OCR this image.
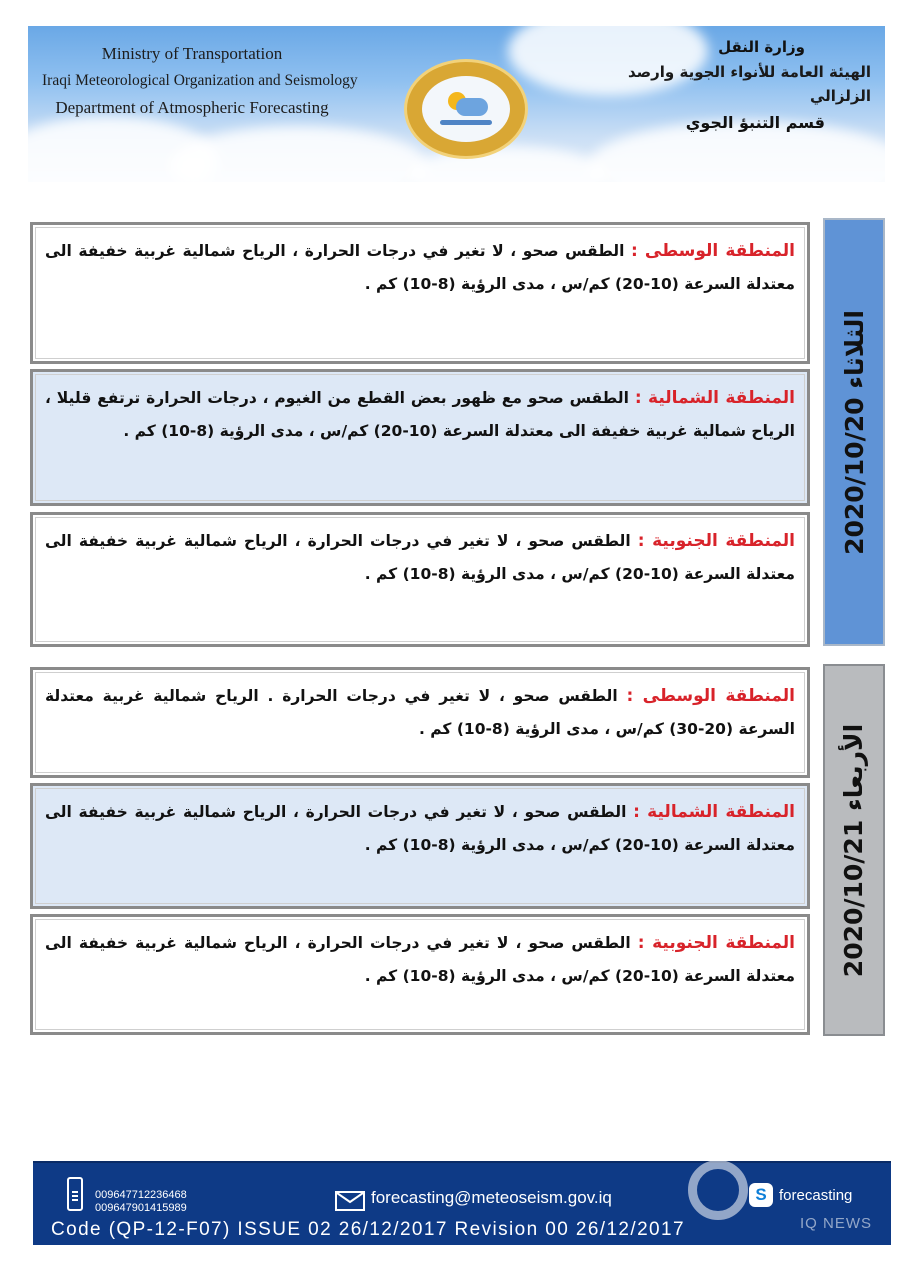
Ministry of Transportation
Iraqi Meteorological Organization and Seismology
Department of Atmospheric Forecasting
وزارة النقل
الهيئة العامة للأنواء الجوية وارصد الزلزالي
قسم التنبؤ الجوي

المنطقة الوسطى : الطقس صحو ، لا تغير في درجات الحرارة ، الرياح شمالية غربية خفيفة الى معتدلة السرعة (10-20) كم/س ، مدى الرؤية (8-10) كم .

المنطقة الشمالية : الطقس صحو مع ظهور بعض القطع من الغيوم ، درجات الحرارة ترتفع قليلا ، الرياح شمالية غربية خفيفة الى معتدلة السرعة (10-20) كم/س ، مدى الرؤية (8-10) كم .

المنطقة الجنوبية : الطقس صحو ، لا تغير في درجات الحرارة ، الرياح شمالية غربية خفيفة الى معتدلة السرعة (10-20) كم/س ، مدى الرؤية (8-10) كم .

الثلاثاء 2020/10/20

المنطقة الوسطى : الطقس صحو ، لا تغير في درجات الحرارة . الرياح شمالية غربية معتدلة السرعة (20-30) كم/س ، مدى الرؤية (8-10) كم .

المنطقة الشمالية : الطقس صحو ، لا تغير في درجات الحرارة ، الرياح شمالية غربية خفيفة الى معتدلة السرعة (10-20) كم/س ، مدى الرؤية (8-10) كم .

المنطقة الجنوبية : الطقس صحو ، لا تغير في درجات الحرارة ، الرياح شمالية غربية خفيفة الى معتدلة السرعة (10-20) كم/س ، مدى الرؤية (8-10) كم .

الأربعاء 2020/10/21
009647712236468
009647901415989
forecasting@meteoseism.gov.iq	S forecasting
Code (QP-12-F07) ISSUE 02 26/12/2017 Revision 00 26/12/2017	IQ NEWS
